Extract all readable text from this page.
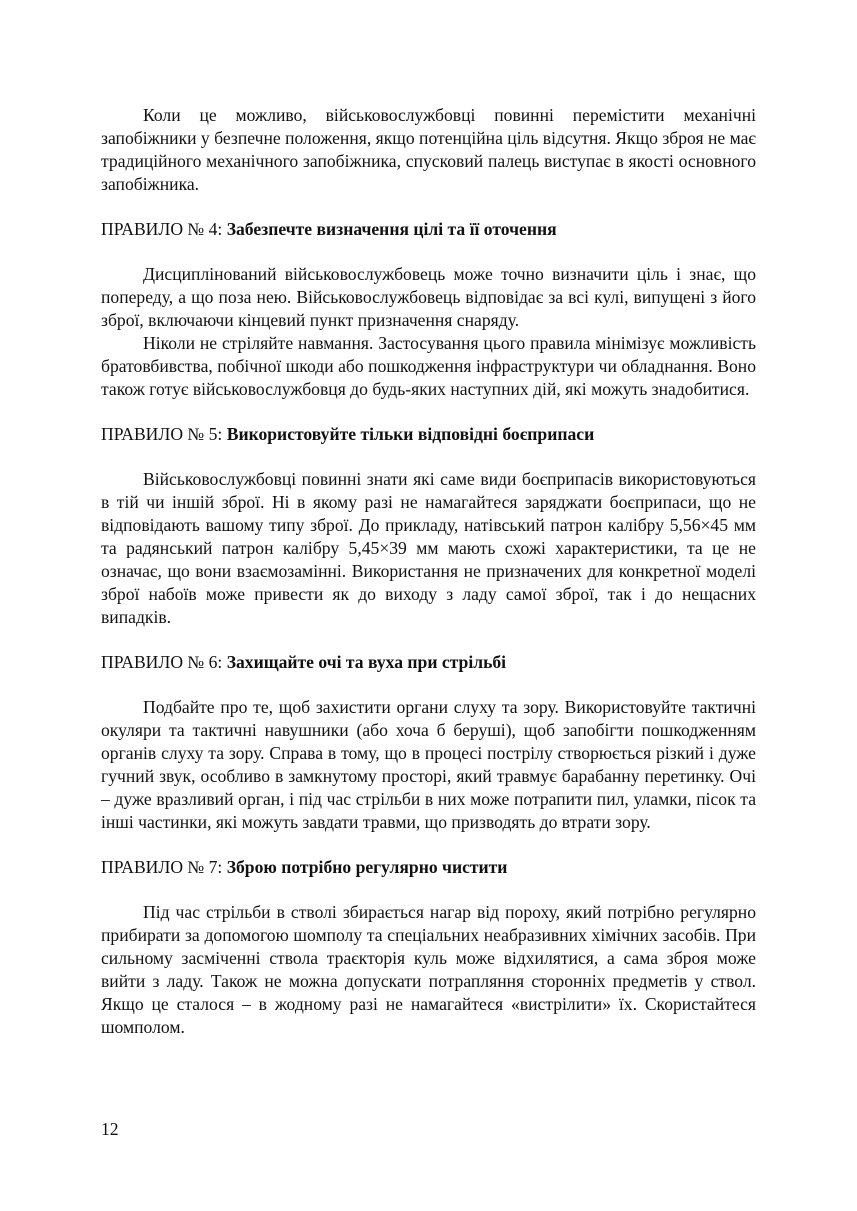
Коли це можливо, військовослужбовці повинні перемістити механічні запобіжники у безпечне положення, якщо потенційна ціль відсутня. Якщо зброя не має традиційного механічного запобіжника, спусковий палець виступає в якості основного запобіжника.

ПРАВИЛО № 4: Забезпечте визначення цілі та її оточення

Дисциплінований військовослужбовець може точно визначити ціль і знає, що попереду, а що поза нею. Військовослужбовець відповідає за всі кулі, випущені з його зброї, включаючи кінцевий пункт призначення снаряду.

Ніколи не стріляйте навмання. Застосування цього правила мінімізує можливість братовбивства, побічної шкоди або пошкодження інфраструктури чи обладнання. Воно також готує військовослужбовця до будь-яких наступних дій, які можуть знадобитися.

ПРАВИЛО № 5: Використовуйте тільки відповідні боєприпаси

Військовослужбовці повинні знати які саме види боєприпасів використовуються в тій чи іншій зброї. Ні в якому разі не намагайтеся заряджати боєприпаси, що не відповідають вашому типу зброї. До прикладу, натівський патрон калібру 5,56×45 мм та радянський патрон калібру 5,45×39 мм мають схожі характеристики, та це не означає, що вони взаємозамінні. Використання не призначених для конкретної моделі зброї набоїв може привести як до виходу з ладу самої зброї, так і до нещасних випадків.

ПРАВИЛО № 6: Захищайте очі та вуха при стрільбі

Подбайте про те, щоб захистити органи слуху та зору. Використовуйте тактичні окуляри та тактичні навушники (або хоча б беруші), щоб запобігти пошкодженням органів слуху та зору. Справа в тому, що в процесі пострілу створюється різкий і дуже гучний звук, особливо в замкнутому просторі, який травмує барабанну перетинку. Очі – дуже вразливий орган, і під час стрільби в них може потрапити пил, уламки, пісок та інші частинки, які можуть завдати травми, що призводять до втрати зору.

ПРАВИЛО № 7: Зброю потрібно регулярно чистити

Під час стрільби в стволі збирається нагар від пороху, який потрібно регулярно прибирати за допомогою шомполу та спеціальних неабразивних хімічних засобів. При сильному засміченні ствола траєкторія куль може відхилятися, а сама зброя може вийти з ладу. Також не можна допускати потрапляння сторонніх предметів у ствол. Якщо це сталося – в жодному разі не намагайтеся «вистрілити» їх. Скористайтеся шомполом.

12
